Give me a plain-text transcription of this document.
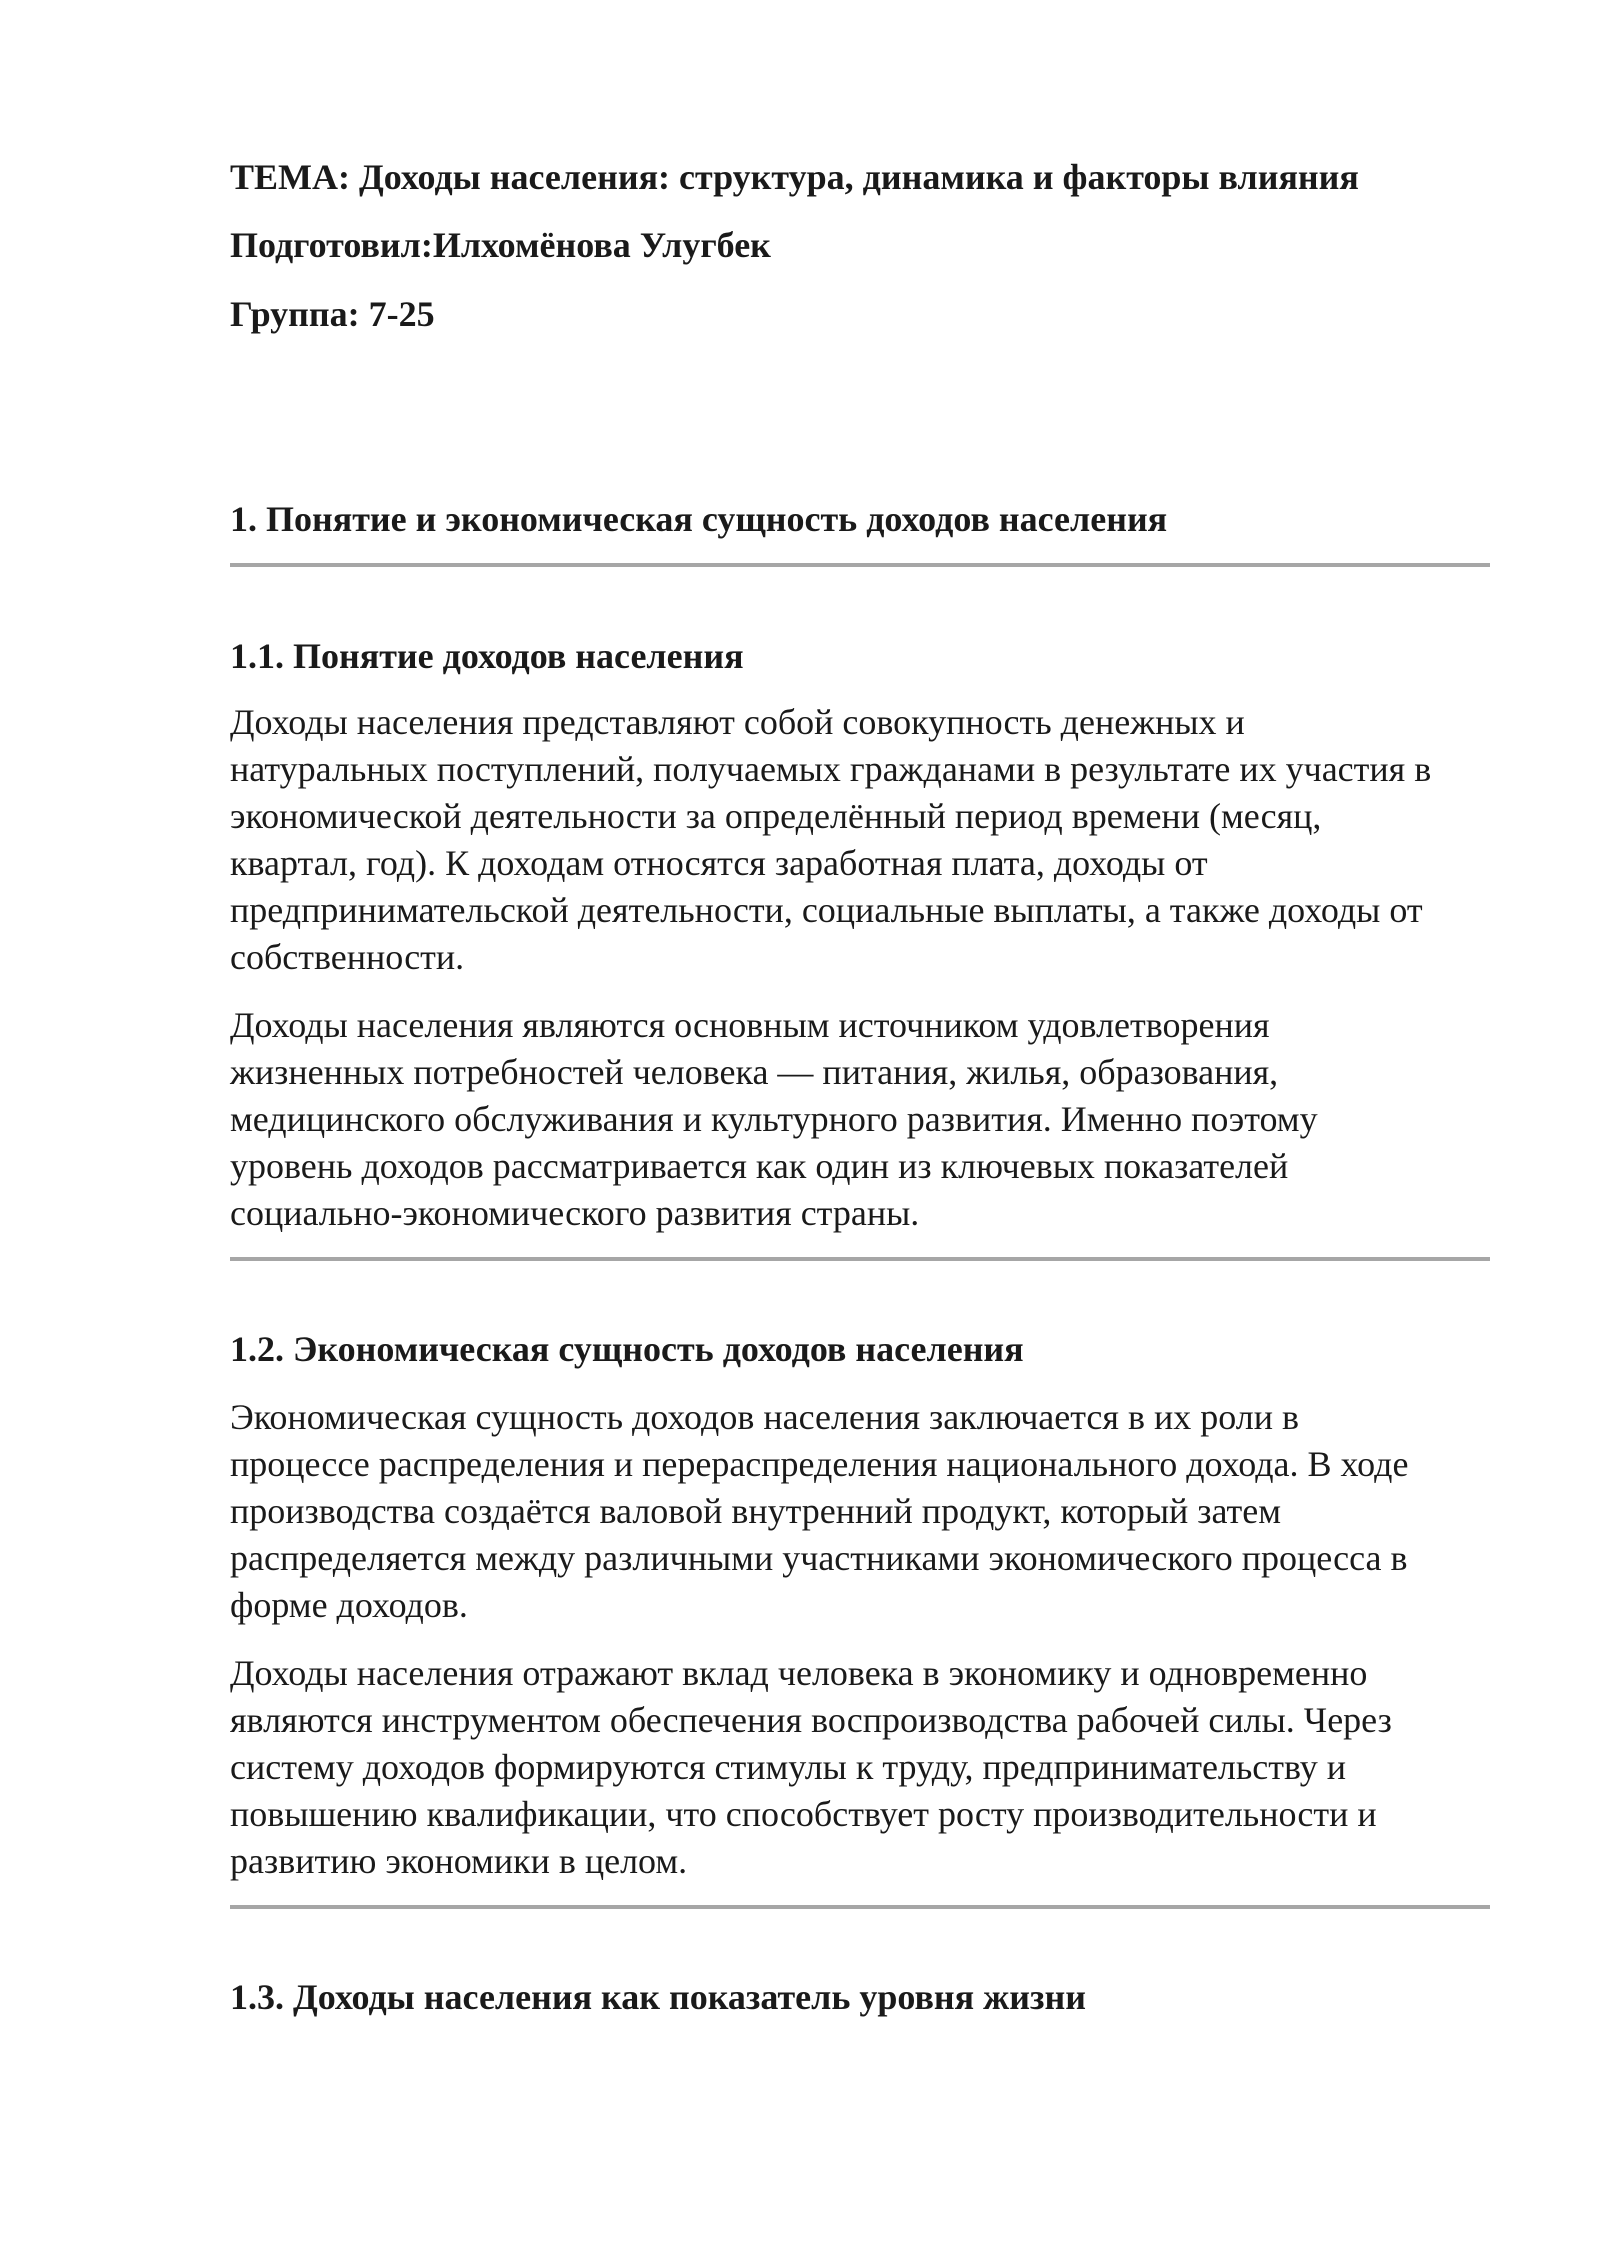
ТЕМА: Доходы населения: структура, динамика и факторы влияния
Подготовил:Илхомёнова Улугбек
Группа: 7-25
1. Понятие и экономическая сущность доходов населения
1.1. Понятие доходов населения
Доходы населения представляют собой совокупность денежных и
натуральных поступлений, получаемых гражданами в результате их участия в
экономической деятельности за определённый период времени (месяц,
квартал, год). К доходам относятся заработная плата, доходы от
предпринимательской деятельности, социальные выплаты, а также доходы от
собственности.
Доходы населения являются основным источником удовлетворения
жизненных потребностей человека — питания, жилья, образования,
медицинского обслуживания и культурного развития. Именно поэтому
уровень доходов рассматривается как один из ключевых показателей
социально-экономического развития страны.
1.2. Экономическая сущность доходов населения
Экономическая сущность доходов населения заключается в их роли в
процессе распределения и перераспределения национального дохода. В ходе
производства создаётся валовой внутренний продукт, который затем
распределяется между различными участниками экономического процесса в
форме доходов.
Доходы населения отражают вклад человека в экономику и одновременно
являются инструментом обеспечения воспроизводства рабочей силы. Через
систему доходов формируются стимулы к труду, предпринимательству и
повышению квалификации, что способствует росту производительности и
развитию экономики в целом.
1.3. Доходы населения как показатель уровня жизни
